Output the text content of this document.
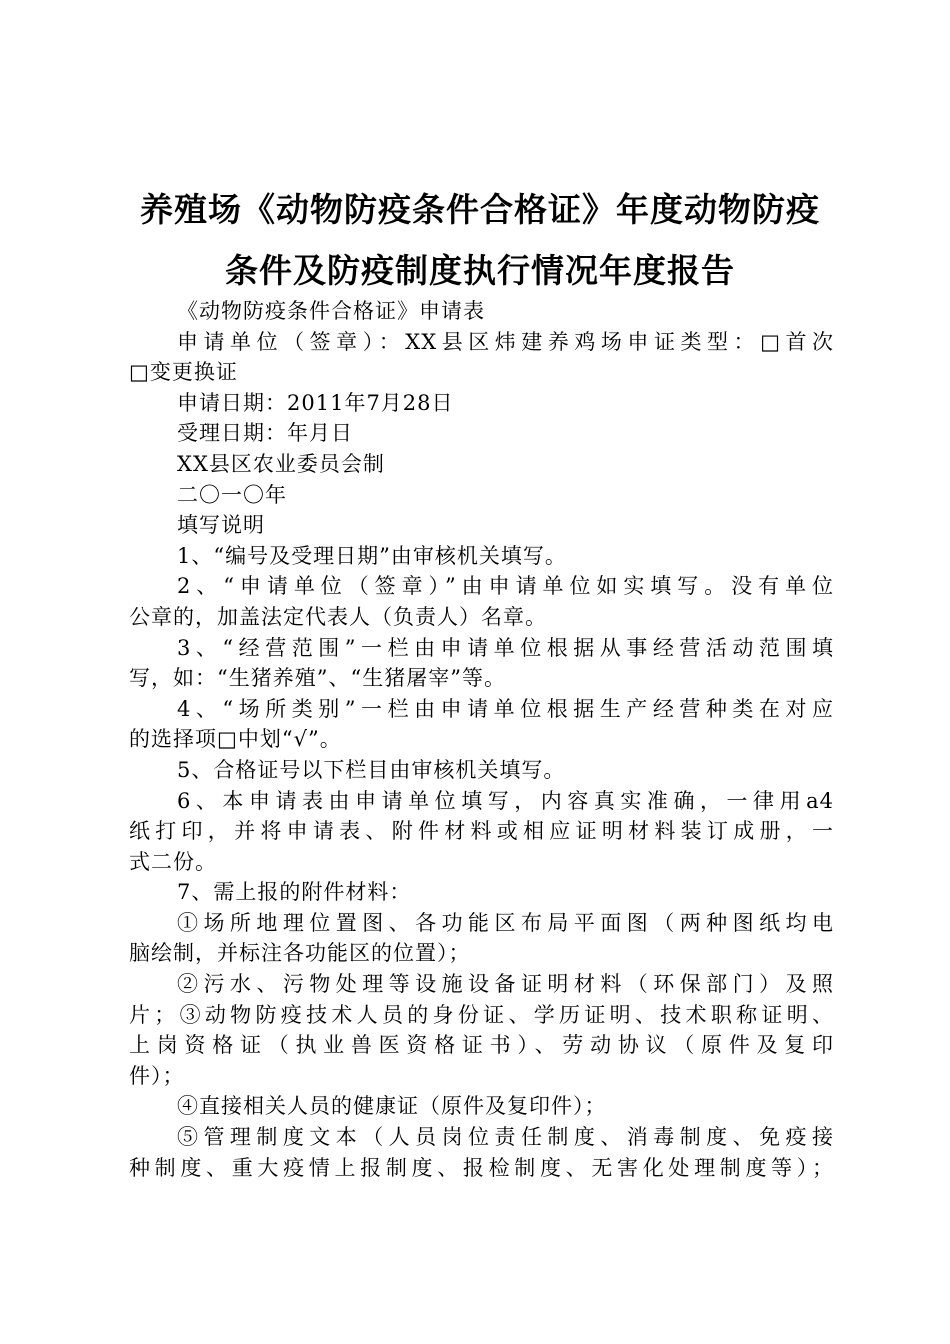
养殖场《动物防疫条件合格证》年度动物防疫
条件及防疫制度执行情况年度报告
《动物防疫条件合格证》申请表
申请单位（签章）：XX县区炜建养鸡场申证类型：□首次
□变更换证
申请日期：2011年7月28日
受理日期：年月日
XX县区农业委员会制
二〇一〇年
填写说明
1、“编号及受理日期”由审核机关填写。
2、“申请单位（签章）”由申请单位如实填写。没有单位
公章的，加盖法定代表人（负责人）名章。
3、“经营范围”一栏由申请单位根据从事经营活动范围填
写，如：“生猪养殖”、“生猪屠宰”等。
4、“场所类别”一栏由申请单位根据生产经营种类在对应
的选择项□中划“√”。
5、合格证号以下栏目由审核机关填写。
6、本申请表由申请单位填写，内容真实准确，一律用a4
纸打印，并将申请表、附件材料或相应证明材料装订成册，一
式二份。
7、需上报的附件材料：
①场所地理位置图、各功能区布局平面图（两种图纸均电
脑绘制，并标注各功能区的位置）；
②污水、污物处理等设施设备证明材料（环保部门）及照
片；③动物防疫技术人员的身份证、学历证明、技术职称证明、
上岗资格证（执业兽医资格证书）、劳动协议（原件及复印
件）；
④直接相关人员的健康证（原件及复印件）；
⑤管理制度文本（人员岗位责任制度、消毒制度、免疫接
种制度、重大疫情上报制度、报检制度、无害化处理制度等）；
